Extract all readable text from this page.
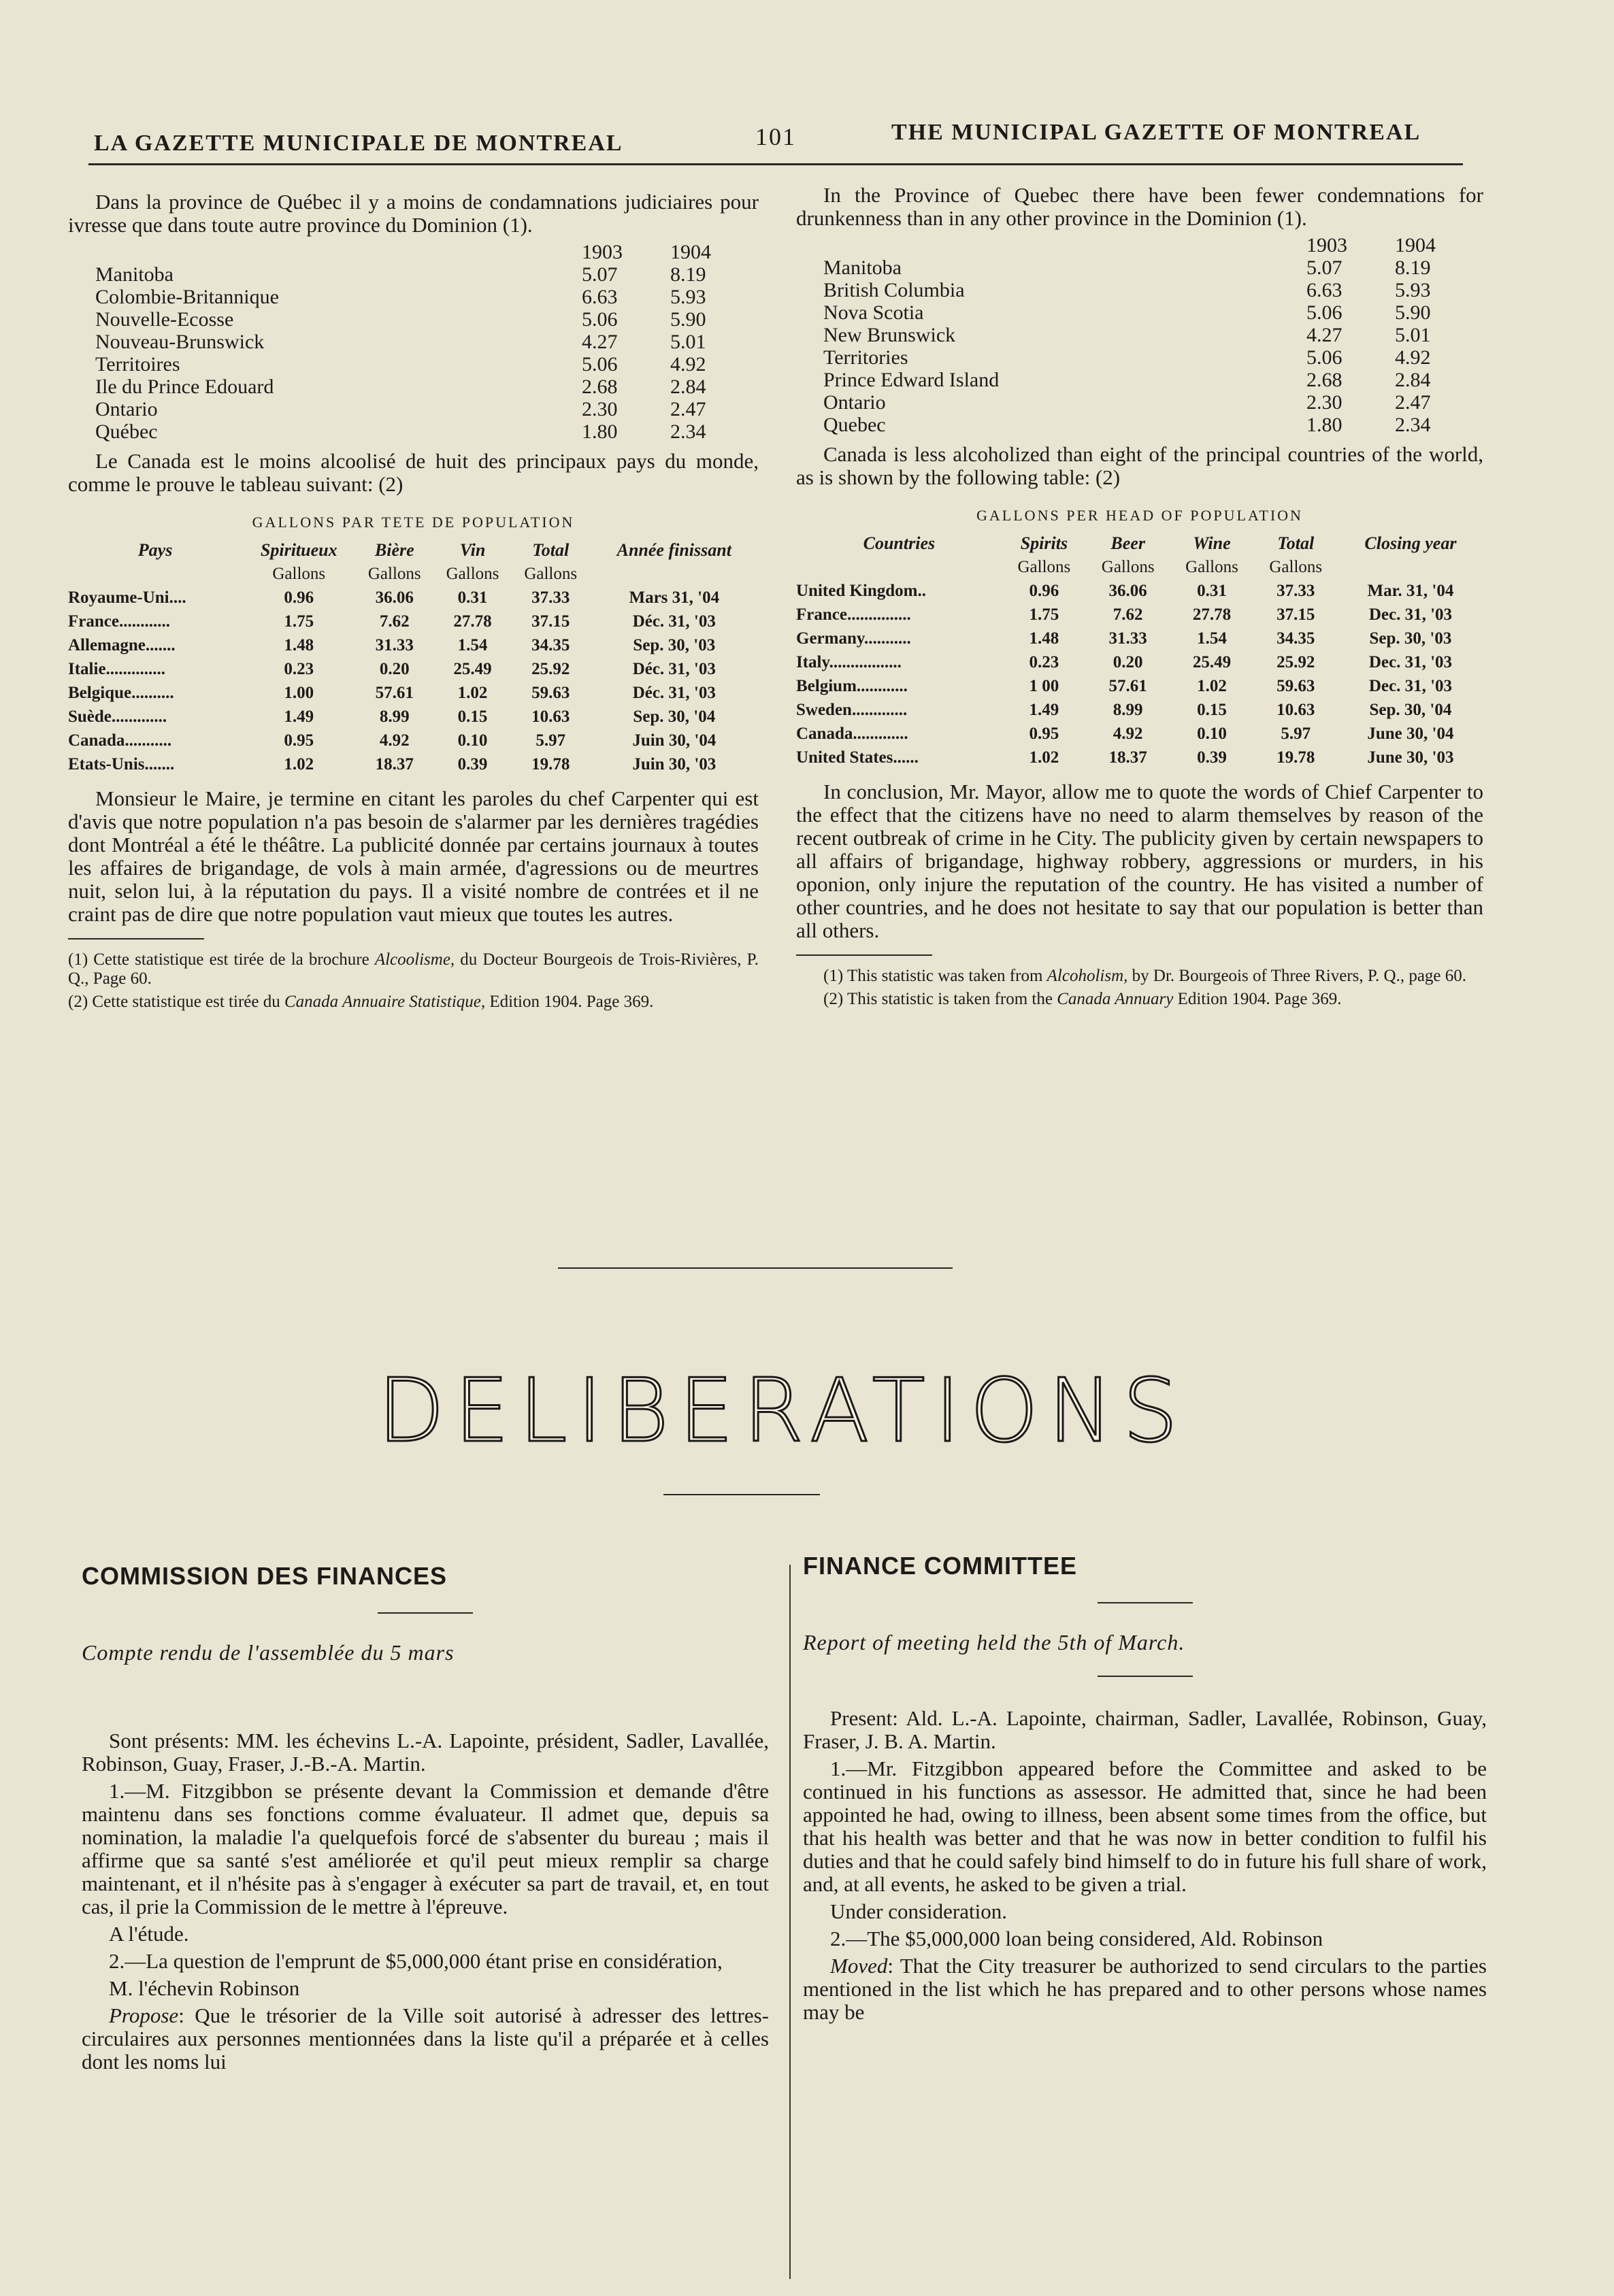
LA GAZETTE MUNICIPALE DE MONTREAL	101	THE MUNICIPAL GAZETTE OF MONTREAL

Dans la province de Québec il y a moins de condamnations judiciaires pour ivresse que dans toute autre province du Dominion (1).

	1903	1904
Manitoba	5.07	8.19
Colombie-Britannique	6.63	5.93
Nouvelle-Ecosse	5.06	5.90
Nouveau-Brunswick	4.27	5.01
Territoires	5.06	4.92
Ile du Prince Edouard	2.68	2.84
Ontario	2.30	2.47
Québec	1.80	2.34

Le Canada est le moins alcoolisé de huit des principaux pays du monde, comme le prouve le tableau suivant: (2)

GALLONS PAR TETE DE POPULATION
Pays	Spiritueux	Bière	Vin	Total	Année finissant
	Gallons	Gallons	Gallons	Gallons	
Royaume-Uni....	0.96	36.06	0.31	37.33	Mars 31, '04
France............	1.75	7.62	27.78	37.15	Déc. 31, '03
Allemagne.......	1.48	31.33	1.54	34.35	Sep. 30, '03
Italie..............	0.23	0.20	25.49	25.92	Déc. 31, '03
Belgique..........	1.00	57.61	1.02	59.63	Déc. 31, '03
Suède.............	1.49	8.99	0.15	10.63	Sep. 30, '04
Canada...........	0.95	4.92	0.10	5.97	Juin 30, '04
Etats-Unis.......	1.02	18.37	0.39	19.78	Juin 30, '03

Monsieur le Maire, je termine en citant les paroles du chef Carpenter qui est d'avis que notre population n'a pas besoin de s'alarmer par les dernières tragédies dont Montréal a été le théâtre. La publicité donnée par certains journaux à toutes les affaires de brigandage, de vols à main armée, d'agressions ou de meurtres nuit, selon lui, à la réputation du pays. Il a visité nombre de contrées et il ne craint pas de dire que notre population vaut mieux que toutes les autres.

(1) Cette statistique est tirée de la brochure Alcoolisme, du Docteur Bourgeois de Trois-Rivières, P. Q., Page 60.

(2) Cette statistique est tirée du Canada Annuaire Statistique, Edition 1904. Page 369.

In the Province of Quebec there have been fewer condemnations for drunkenness than in any other province in the Dominion (1).

	1903	1904
Manitoba	5.07	8.19
British Columbia	6.63	5.93
Nova Scotia	5.06	5.90
New Brunswick	4.27	5.01
Territories	5.06	4.92
Prince Edward Island	2.68	2.84
Ontario	2.30	2.47
Quebec	1.80	2.34

Canada is less alcoholized than eight of the principal countries of the world, as is shown by the following table: (2)

GALLONS PER HEAD OF POPULATION
Countries	Spirits	Beer	Wine	Total	Closing year
	Gallons	Gallons	Gallons	Gallons	
United Kingdom..	0.96	36.06	0.31	37.33	Mar. 31, '04
France...............	1.75	7.62	27.78	37.15	Dec. 31, '03
Germany...........	1.48	31.33	1.54	34.35	Sep. 30, '03
Italy.................	0.23	0.20	25.49	25.92	Dec. 31, '03
Belgium............	1 00	57.61	1.02	59.63	Dec. 31, '03
Sweden.............	1.49	8.99	0.15	10.63	Sep. 30, '04
Canada.............	0.95	4.92	0.10	5.97	June 30, '04
United States......	1.02	18.37	0.39	19.78	June 30, '03

In conclusion, Mr. Mayor, allow me to quote the words of Chief Carpenter to the effect that the citizens have no need to alarm themselves by reason of the recent outbreak of crime in he City. The publicity given by certain newspapers to all affairs of brigandage, highway robbery, aggressions or murders, in his oponion, only injure the reputation of the country. He has visited a number of other countries, and he does not hesitate to say that our population is better than all others.

(1) This statistic was taken from Alcoholism, by Dr. Bourgeois of Three Rivers, P. Q., page 60.

(2) This statistic is taken from the Canada Annuary Edition 1904. Page 369.

DELIBERATIONS

COMMISSION DES FINANCES

Compte rendu de l'assemblée du 5 mars

Sont présents: MM. les échevins L.-A. Lapointe, président, Sadler, Lavallée, Robinson, Guay, Fraser, J.-B.-A. Martin.

1.—M. Fitzgibbon se présente devant la Commission et demande d'être maintenu dans ses fonctions comme évaluateur. Il admet que, depuis sa nomination, la maladie l'a quelquefois forcé de s'absenter du bureau ; mais il affirme que sa santé s'est améliorée et qu'il peut mieux remplir sa charge maintenant, et il n'hésite pas à s'engager à exécuter sa part de travail, et, en tout cas, il prie la Commission de le mettre à l'épreuve.

A l'étude.

2.—La question de l'emprunt de $5,000,000 étant prise en considération,

M. l'échevin Robinson

Propose: Que le trésorier de la Ville soit autorisé à adresser des lettres-circulaires aux personnes mentionnées dans la liste qu'il a préparée et à celles dont les noms lui

FINANCE COMMITTEE

Report of meeting held the 5th of March.

Present: Ald. L.-A. Lapointe, chairman, Sadler, Lavallée, Robinson, Guay, Fraser, J. B. A. Martin.

1.—Mr. Fitzgibbon appeared before the Committee and asked to be continued in his functions as assessor. He admitted that, since he had been appointed he had, owing to illness, been absent some times from the office, but that his health was better and that he was now in better condition to fulfil his duties and that he could safely bind himself to do in future his full share of work, and, at all events, he asked to be given a trial.

Under consideration.

2.—The $5,000,000 loan being considered, Ald. Robinson

Moved: That the City treasurer be authorized to send circulars to the parties mentioned in the list which he has prepared and to other persons whose names may be
